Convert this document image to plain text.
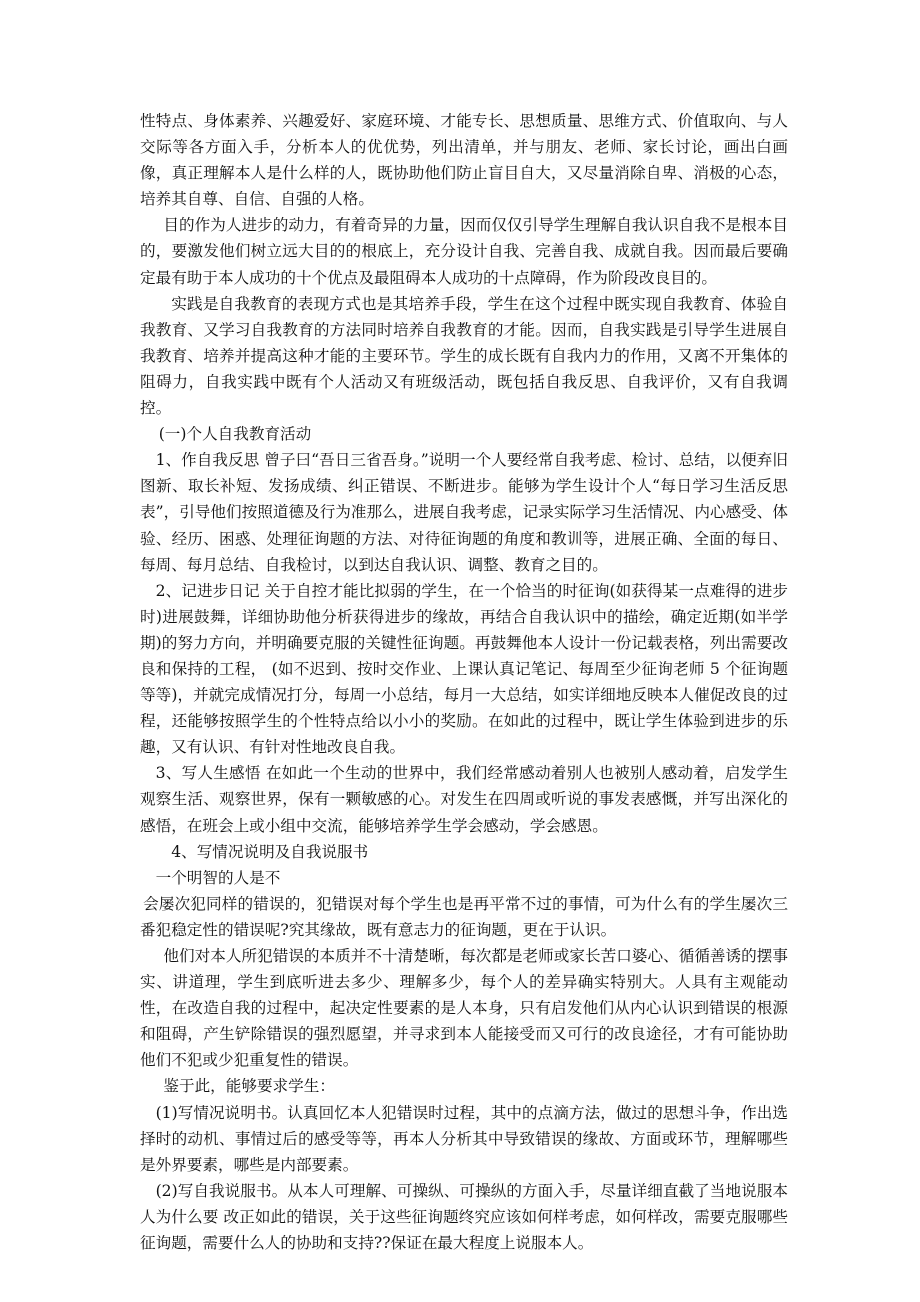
性特点、身体素养、兴趣爱好、家庭环境、才能专长、思想质量、思维方式、价值取向、与人交际等各方面入手，分析本人的优优势，列出清单，并与朋友、老师、家长讨论，画出白画像，真正理解本人是什么样的人，既协助他们防止盲目自大，又尽量消除自卑、消极的心态，培养其自尊、自信、自强的人格。

目的作为人进步的动力，有着奇异的力量，因而仅仅引导学生理解自我认识自我不是根本目的，要激发他们树立远大目的的根底上，充分设计自我、完善自我、成就自我。因而最后要确定最有助于本人成功的十个优点及最阻碍本人成功的十点障碍，作为阶段改良目的。

实践是自我教育的表现方式也是其培养手段，学生在这个过程中既实现自我教育、体验自我教育、又学习自我教育的方法同时培养自我教育的才能。因而，自我实践是引导学生进展自我教育、培养并提高这种才能的主要环节。学生的成长既有自我内力的作用，又离不开集体的阻碍力，自我实践中既有个人活动又有班级活动，既包括自我反思、自我评价，又有自我调控。

(一)个人自我教育活动

1、作自我反思 曾子曰“吾日三省吾身。”说明一个人要经常自我考虑、检讨、总结，以便弃旧图新、取长补短、发扬成绩、纠正错误、不断进步。能够为学生设计个人“每日学习生活反思表”，引导他们按照道德及行为准那么，进展自我考虑，记录实际学习生活情况、内心感受、体验、经历、困惑、处理征询题的方法、对待征询题的角度和教训等，进展正确、全面的每日、每周、每月总结、自我检讨，以到达自我认识、调整、教育之目的。

2、记进步日记 关于自控才能比拟弱的学生，在一个恰当的时征询(如获得某一点难得的进步时)进展鼓舞，详细协助他分析获得进步的缘故，再结合自我认识中的描绘，确定近期(如半学期)的努力方向，并明确要克服的关键性征询题。再鼓舞他本人设计一份记载表格，列出需要改良和保持的工程， (如不迟到、按时交作业、上课认真记笔记、每周至少征询老师 5 个征询题等等)，并就完成情况打分，每周一小总结，每月一大总结，如实详细地反映本人催促改良的过程，还能够按照学生的个性特点给以小小的奖励。在如此的过程中，既让学生体验到进步的乐趣，又有认识、有针对性地改良自我。

3、写人生感悟 在如此一个生动的世界中，我们经常感动着别人也被别人感动着，启发学生观察生活、观察世界，保有一颗敏感的心。对发生在四周或听说的事发表感慨，并写出深化的感悟，在班会上或小组中交流，能够培养学生学会感动，学会感恩。

4、写情况说明及自我说服书

一个明智的人是不

会屡次犯同样的错误的，犯错误对每个学生也是再平常不过的事情，可为什么有的学生屡次三番犯稳定性的错误呢?究其缘故，既有意志力的征询题，更在于认识。

他们对本人所犯错误的本质并不十清楚晰，每次都是老师或家长苦口婆心、循循善诱的摆事实、讲道理，学生到底听进去多少、理解多少，每个人的差异确实特别大。人具有主观能动性，在改造自我的过程中，起决定性要素的是人本身，只有启发他们从内心认识到错误的根源和阻碍，产生铲除错误的强烈愿望，并寻求到本人能接受而又可行的改良途径，才有可能协助他们不犯或少犯重复性的错误。

鉴于此，能够要求学生：

(1)写情况说明书。认真回忆本人犯错误时过程，其中的点滴方法，做过的思想斗争，作出选择时的动机、事情过后的感受等等，再本人分析其中导致错误的缘故、方面或环节，理解哪些是外界要素，哪些是内部要素。

(2)写自我说服书。从本人可理解、可操纵、可操纵的方面入手，尽量详细直截了当地说服本人为什么要 改正如此的错误，关于这些征询题终究应该如何样考虑，如何样改，需要克服哪些征询题，需要什么人的协助和支持??保证在最大程度上说服本人。
